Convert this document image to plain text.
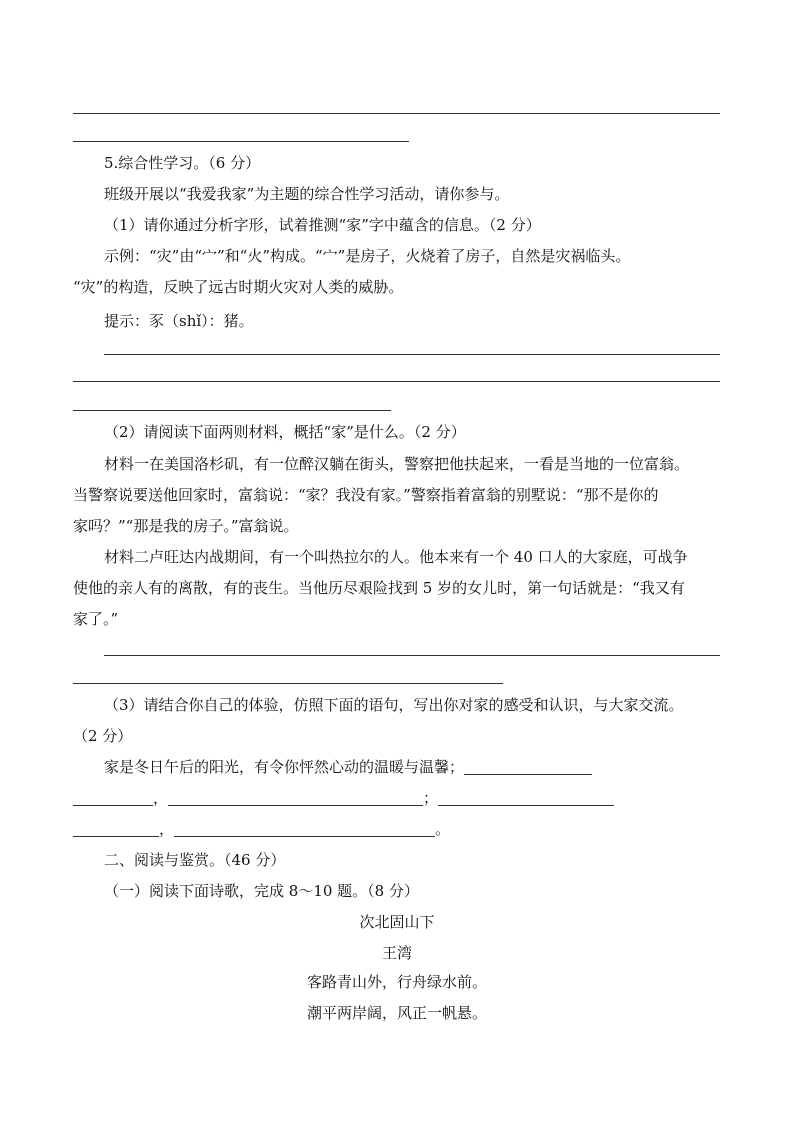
5.综合性学习。（6 分）
班级开展以“我爱我家”为主题的综合性学习活动，请你参与。
（1）请你通过分析字形，试着推测“家”字中蕴含的信息。（2 分）
示例：“灾”由“宀”和“火”构成。“宀”是房子，火烧着了房子，自然是灾祸临头。
“灾”的构造，反映了远古时期火灾对人类的威胁。
提示：豕（shǐ）：猪。
（2）请阅读下面两则材料，概括“家”是什么。（2 分）
材料一在美国洛杉矶，有一位醉汉躺在街头，警察把他扶起来，一看是当地的一位富翁。
当警察说要送他回家时，富翁说：“家？我没有家。”警察指着富翁的别墅说：“那不是你的
家吗？”“那是我的房子。”富翁说。
材料二卢旺达内战期间，有一个叫热拉尔的人。他本来有一个 40 口人的大家庭，可战争
使他的亲人有的离散，有的丧生。当他历尽艰险找到 5 岁的女儿时，第一句话就是：“我又有
家了。”
（3）请结合你自己的体验，仿照下面的语句，写出你对家的感受和认识，与大家交流。
（2 分）
家是冬日午后的阳光，有令你怦然心动的温暖与温馨；
，	；
，	。
二、阅读与鉴赏。（46 分）
（一）阅读下面诗歌，完成 8～10 题。（8 分）
次北固山下
王湾
客路青山外，行舟绿水前。
潮平两岸阔，风正一帆悬。
